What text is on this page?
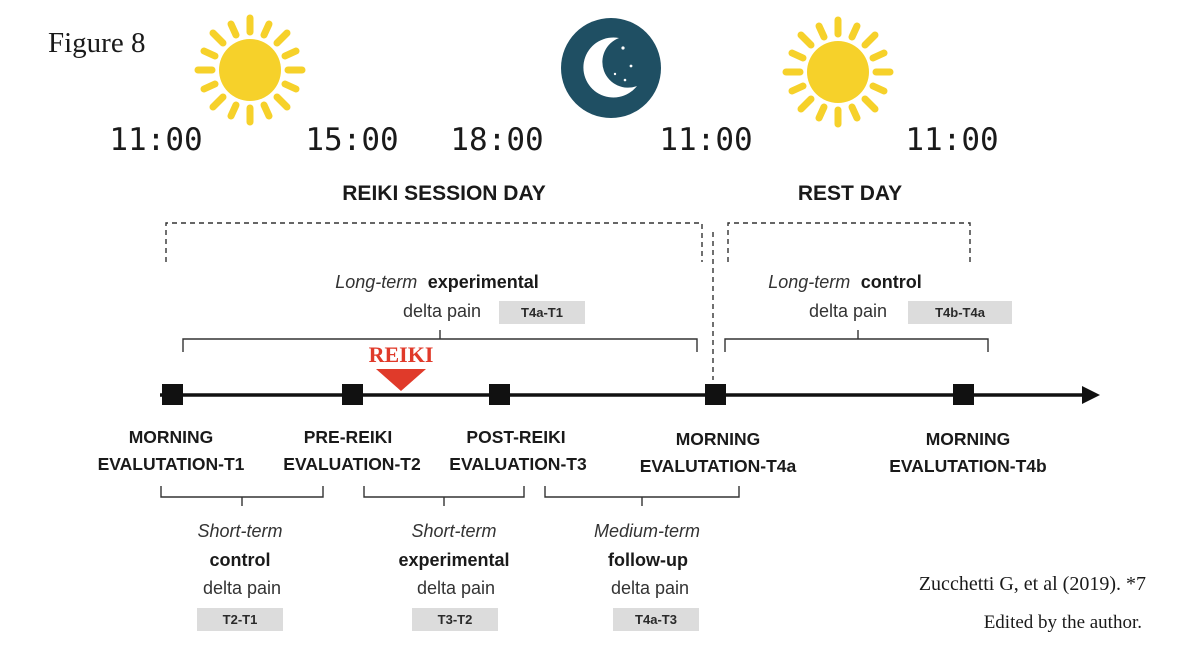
Figure 8
11:00	15:00 18:00	11:00	11:00
REIKI SESSION DAY	REST DAY
Long-term experimental
delta pain	T4a-T1
Long-term control
delta pain	T4b-T4a
REIKI
MORNING
EVALUTATION-T1
PRE-REIKI
EVALUATION-T2
POST-REIKI
EVALUATION-T3
MORNING
EVALUTATION-T4a
MORNING
EVALUTATION-T4b
Short-term
control
delta pain
T2-T1
Short-term
experimental
delta pain
T3-T2
Medium-term
follow-up
delta pain
T4a-T3
Zucchetti G, et al (2019). *7
Edited by the author.
